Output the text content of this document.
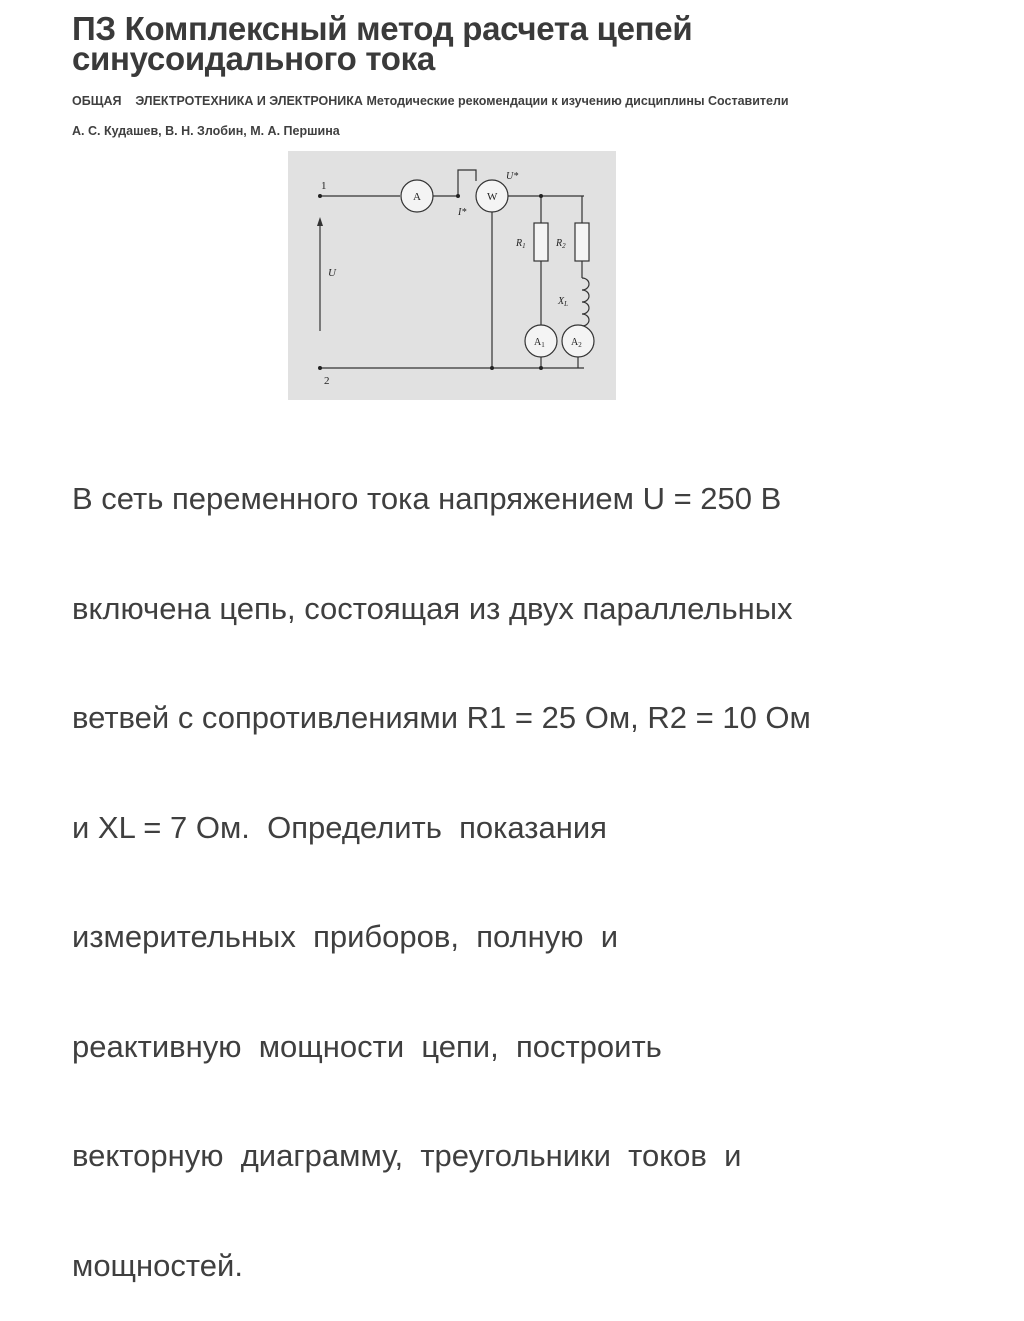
ПЗ Комплексный метод расчета цепей
синусоидального тока
ОБЩАЯ ЭЛЕКТРОТЕХНИКА И ЭЛЕКТРОНИКА Методические рекомендации к изучению дисциплины Составители
А. С. Кудашев, В. Н. Злобин, М. А. Першина
1
2
U
A	W
U*
I*
$R_1$	$R_2$
$X_L$
$A_1$	$A_2$

В сеть переменного тока напряжением U = 250 В

включена цепь, состоящая из двух параллельных

ветвей с сопротивлениями R1 = 25 Ом, R2 = 10 Ом

и XL = 7 Ом.  Определить  показания

измерительных  приборов,  полную  и

реактивную  мощности  цепи,  построить

векторную  диаграмму,  треугольники  токов  и

мощностей.
